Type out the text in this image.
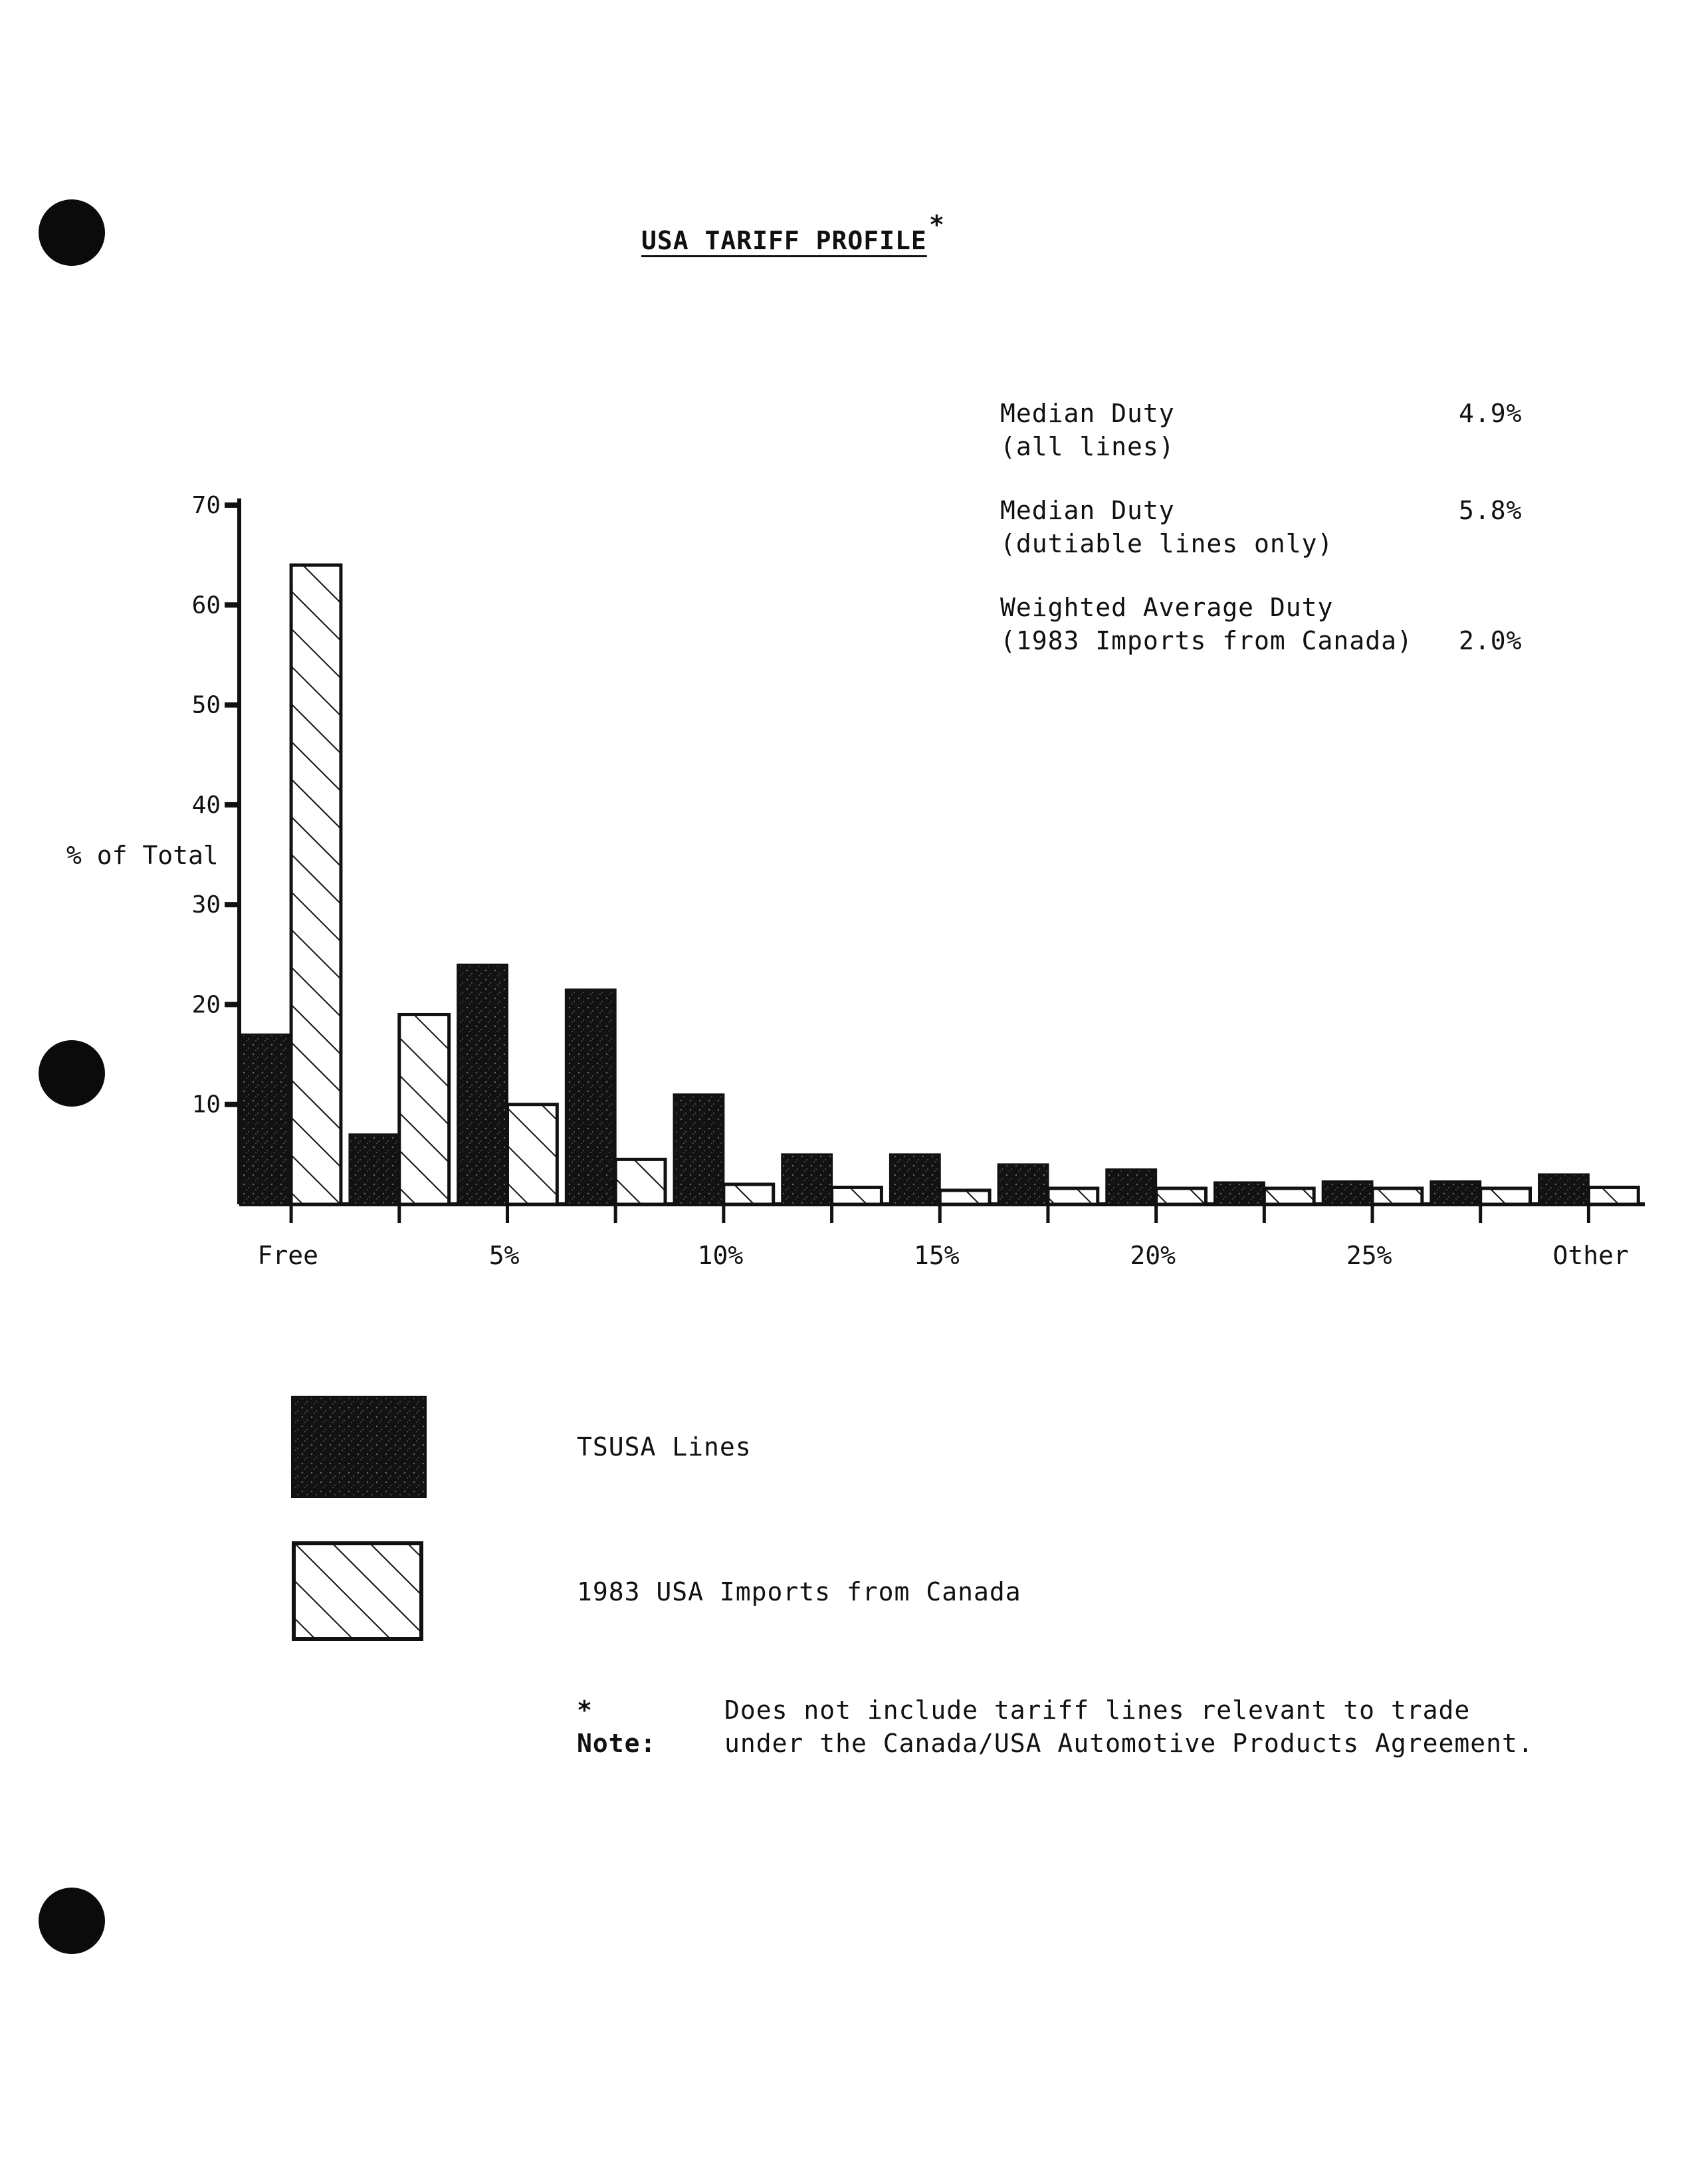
USA TARIFF PROFILE
*
Median Duty
(all lines)
4.9%
Median Duty
(dutiable lines only)
5.8%
Weighted Average Duty
(1983 Imports from Canada) 2.0%
10
20
30
40
50
60
70
Free	5%	10%	15%	20%	25%	Other
% of Total
TSUSA Lines
1983 USA Imports from Canada
* Note:
Does not include tariff lines relevant to trade
under the Canada/USA Automotive Products Agreement.
